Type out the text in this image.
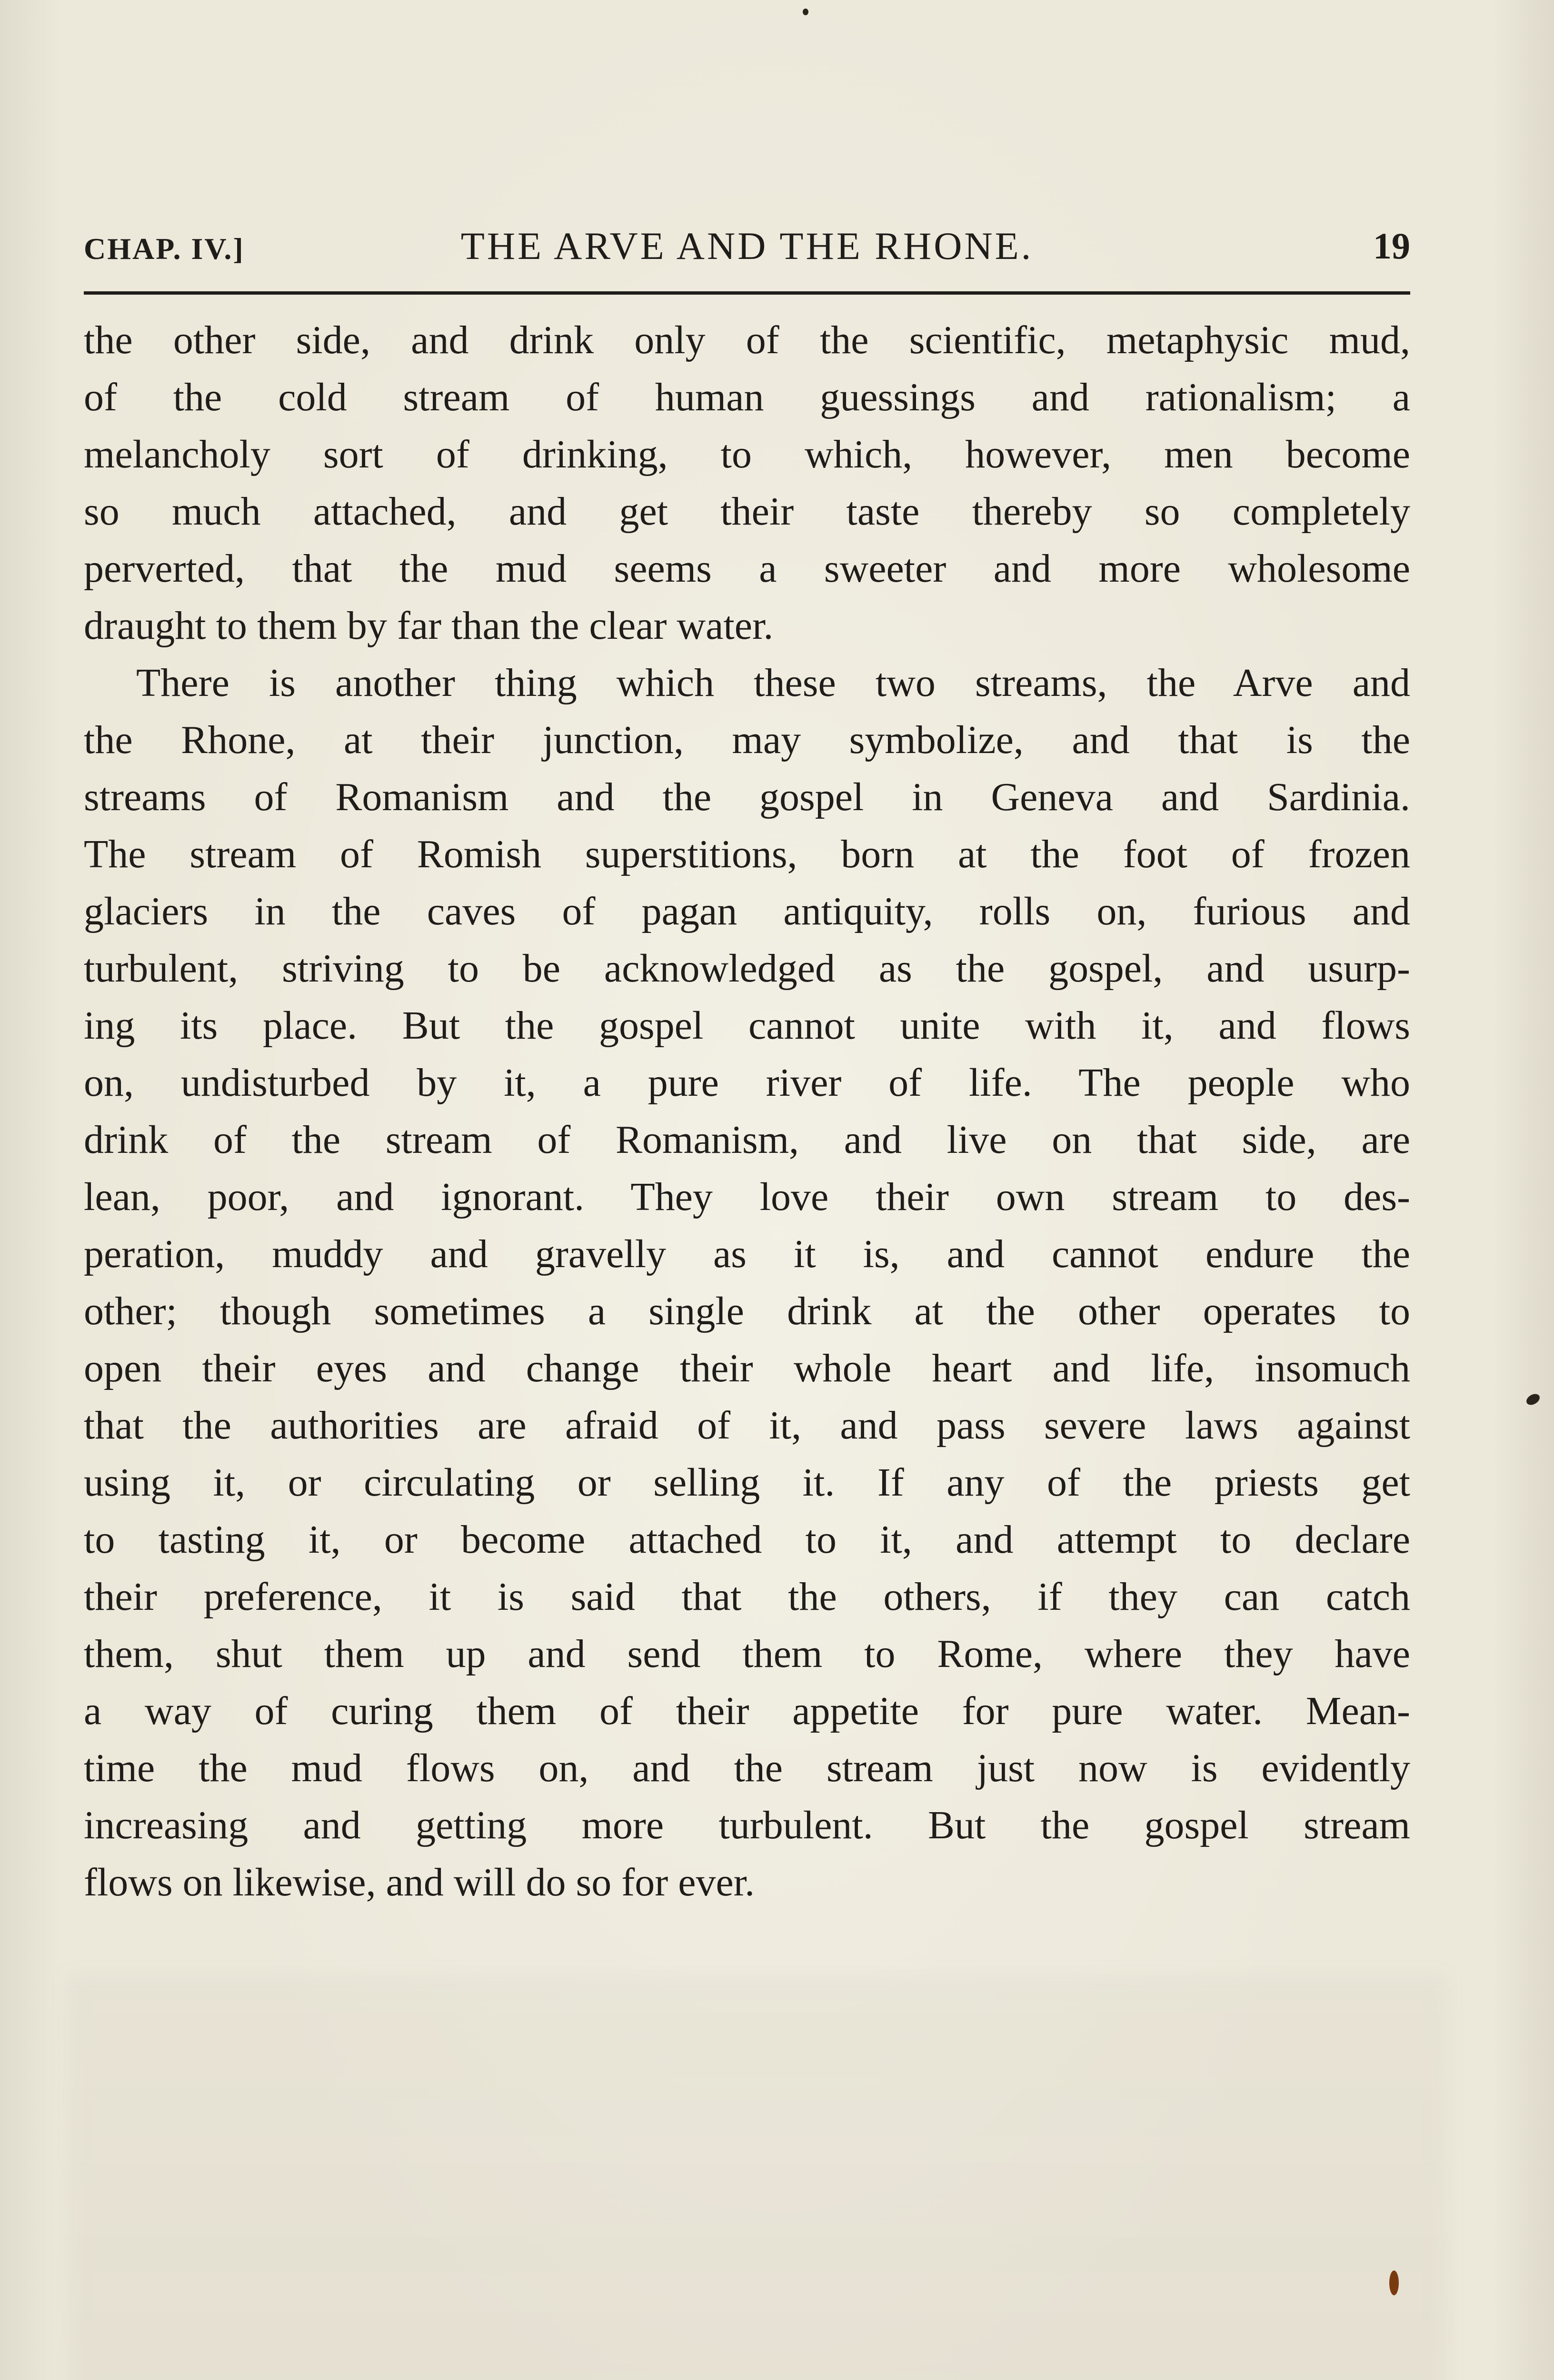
CHAP. IV.]	THE ARVE AND THE RHONE.	19
the other side, and drink only of the scientific, metaphysic mud,
of the cold stream of human guessings and rationalism; a
melancholy sort of drinking, to which, however, men become
so much attached, and get their taste thereby so completely
perverted, that the mud seems a sweeter and more wholesome
draught to them by far than the clear water.
There is another thing which these two streams, the Arve and
the Rhone, at their junction, may symbolize, and that is the
streams of Romanism and the gospel in Geneva and Sardinia.
The stream of Romish superstitions, born at the foot of frozen
glaciers in the caves of pagan antiquity, rolls on, furious and
turbulent, striving to be acknowledged as the gospel, and usurp-
ing its place. But the gospel cannot unite with it, and flows
on, undisturbed by it, a pure river of life. The people who
drink of the stream of Romanism, and live on that side, are
lean, poor, and ignorant. They love their own stream to des-
peration, muddy and gravelly as it is, and cannot endure the
other; though sometimes a single drink at the other operates to
open their eyes and change their whole heart and life, insomuch
that the authorities are afraid of it, and pass severe laws against
using it, or circulating or selling it. If any of the priests get
to tasting it, or become attached to it, and attempt to declare
their preference, it is said that the others, if they can catch
them, shut them up and send them to Rome, where they have
a way of curing them of their appetite for pure water. Mean-
time the mud flows on, and the stream just now is evidently
increasing and getting more turbulent. But the gospel stream
flows on likewise, and will do so for ever.
